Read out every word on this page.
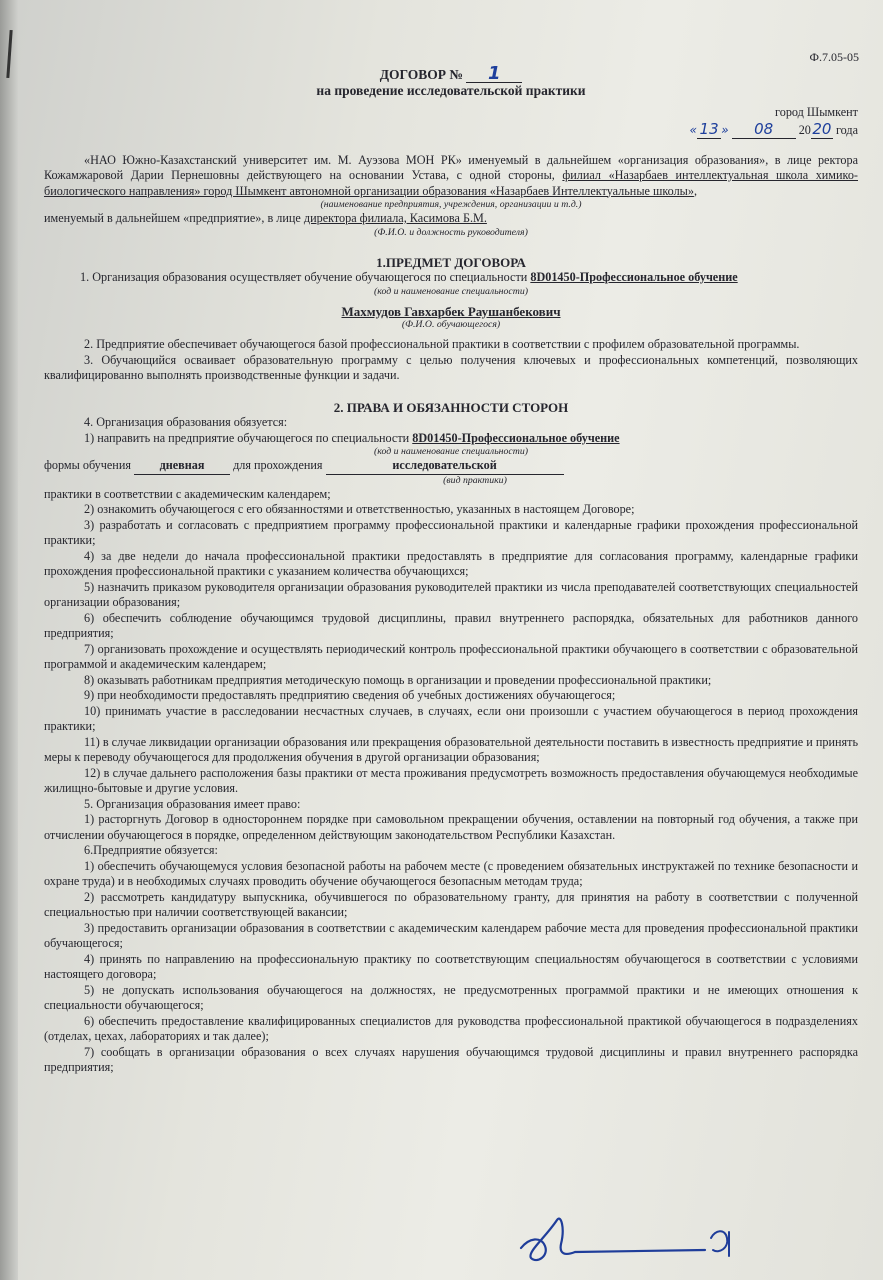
Ф.7.05-05
ДОГОВОР № 1
на проведение исследовательской практики
город Шымкент
« 13 » 08 2020 года
«НАО Южно-Казахстанский университет им. М. Ауэзова МОН РК» именуемый в дальнейшем «организация образования», в лице ректора Кожамжаровой Дарии Пернешовны действующего на основании Устава, с одной стороны, филиал «Назарбаев интеллектуальная школа химико-биологического направления» город Шымкент автономной организации образования «Назарбаев Интеллектуальные школы»,
(наименование предприятия, учреждения, организации и т.д.)
именуемый в дальнейшем «предприятие», в лице директора филиала, Касимова Б.М.
(Ф.И.О. и должность руководителя)
1.ПРЕДМЕТ ДОГОВОРА
1. Организация образования осуществляет обучение обучающегося по специальности 8D01450-Профессиональное обучение
(код и наименование специальности)
Махмудов Гавхарбек Раушанбекович
(Ф.И.О. обучающегося)
2. Предприятие обеспечивает обучающегося базой профессиональной практики в соответствии с профилем образовательной программы.
3. Обучающийся осваивает образовательную программу с целью получения ключевых и профессиональных компетенций, позволяющих квалифицированно выполнять производственные функции и задачи.
2. ПРАВА И ОБЯЗАННОСТИ СТОРОН
4. Организация образования обязуется:
1) направить на предприятие обучающегося по специальности 8D01450-Профессиональное обучение
(код и наименование специальности)
формы обучения дневная для прохождения	исследовательской
(вид практики)
практики в соответствии с академическим календарем;
2) ознакомить обучающегося с его обязанностями и ответственностью, указанных в настоящем Договоре;
3) разработать и согласовать с предприятием программу профессиональной практики и календарные графики прохождения профессиональной практики;
4) за две недели до начала профессиональной практики предоставлять в предприятие для согласования программу, календарные графики прохождения профессиональной практики с указанием количества обучающихся;
5) назначить приказом руководителя организации образования руководителей практики из числа преподавателей соответствующих специальностей организации образования;
6) обеспечить соблюдение обучающимся трудовой дисциплины, правил внутреннего распорядка, обязательных для работников данного предприятия;
7) организовать прохождение и осуществлять периодический контроль профессиональной практики обучающего в соответствии с образовательной программой и академическим календарем;
8) оказывать работникам предприятия методическую помощь в организации и проведении профессиональной практики;
9) при необходимости предоставлять предприятию сведения об учебных достижениях обучающегося;
10) принимать участие в расследовании несчастных случаев, в случаях, если они произошли с участием обучающегося в период прохождения практики;
11) в случае ликвидации организации образования или прекращения образовательной деятельности поставить в известность предприятие и принять меры к переводу обучающегося для продолжения обучения в другой организации образования;
12) в случае дальнего расположения базы практики от места проживания предусмотреть возможность предоставления обучающемуся необходимые жилищно-бытовые и другие условия.
5. Организация образования имеет право:
1) расторгнуть Договор в одностороннем порядке при самовольном прекращении обучения, оставлении на повторный год обучения, а также при отчислении обучающегося в порядке, определенном действующим законодательством Республики Казахстан.
6.Предприятие обязуется:
1) обеспечить обучающемуся условия безопасной работы на рабочем месте (с проведением обязательных инструктажей по технике безопасности и охране труда) и в необходимых случаях проводить обучение обучающегося безопасным методам труда;
2) рассмотреть кандидатуру выпускника, обучившегося по образовательному гранту, для принятия на работу в соответствии с полученной специальностью при наличии соответствующей вакансии;
3) предоставить организации образования в соответствии с академическим календарем рабочие места для проведения профессиональной практики обучающегося;
4) принять по направлению на профессиональную практику по соответствующим специальностям обучающегося в соответствии с условиями настоящего договора;
5) не допускать использования обучающегося на должностях, не предусмотренных программой практики и не имеющих отношения к специальности обучающегося;
6) обеспечить предоставление квалифицированных специалистов для руководства профессиональной практикой обучающегося в подразделениях (отделах, цехах, лабораториях и так далее);
7) сообщать в организации образования о всех случаях нарушения обучающимся трудовой дисциплины и правил внутреннего распорядка предприятия;
